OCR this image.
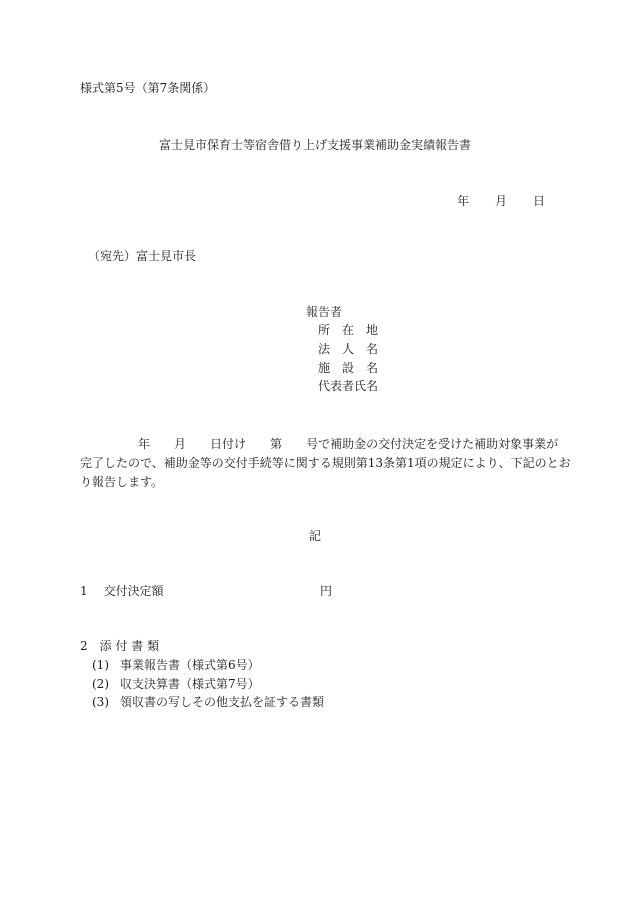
様式第5号（第7条関係）
富士見市保育士等宿舎借り上げ支援事業補助金実績報告書
年 月 日
（宛先）富士見市長
報告者
所　在　地
法　人　名
施　設　名
代表者氏名
年 月 日付け 第 号で補助金の交付決定を受けた補助対象事業が
完了したので、補助金等の交付手続等に関する規則第13条第1項の規定により、下記のとお
り報告します。
記
1 交付決定額	円
2 添 付 書 類
(1) 事業報告書（様式第6号）
(2) 収支決算書（様式第7号）
(3) 領収書の写しその他支払を証する書類
